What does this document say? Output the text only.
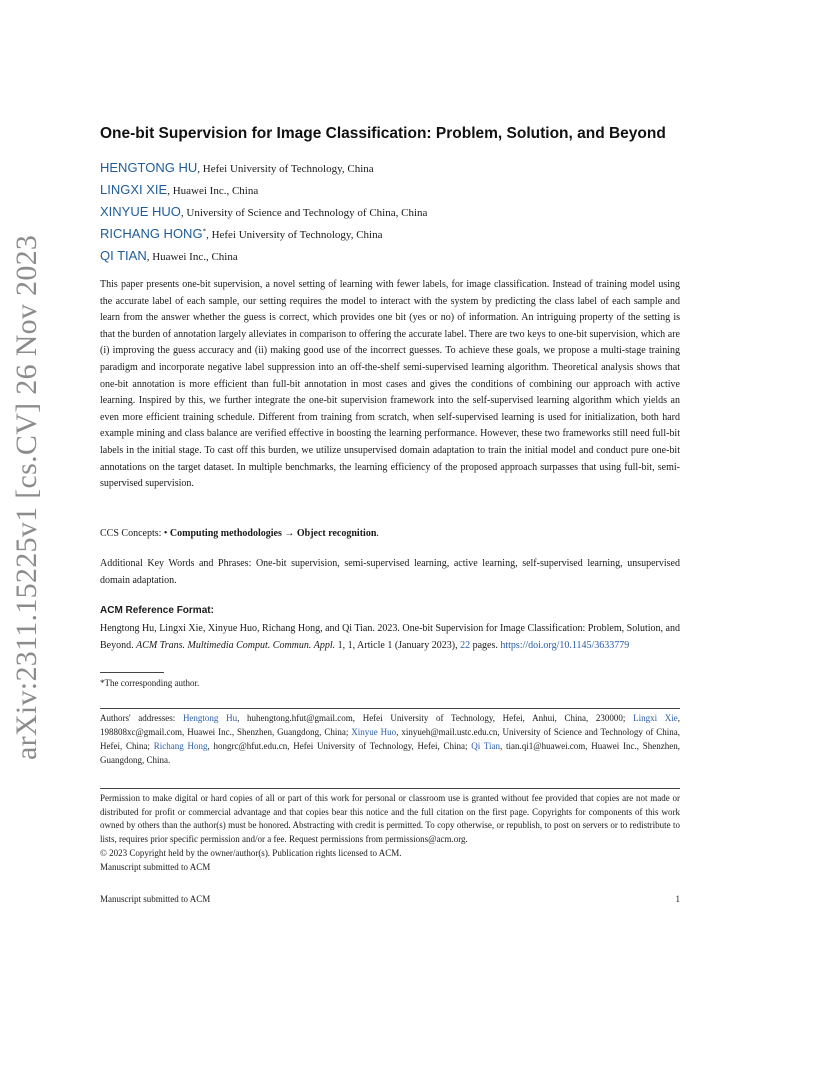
arXiv:2311.15225v1 [cs.CV] 26 Nov 2023
One-bit Supervision for Image Classification: Problem, Solution, and Beyond
HENGTONG HU, Hefei University of Technology, China
LINGXI XIE, Huawei Inc., China
XINYUE HUO, University of Science and Technology of China, China
RICHANG HONG*, Hefei University of Technology, China
QI TIAN, Huawei Inc., China
This paper presents one-bit supervision, a novel setting of learning with fewer labels, for image classification. Instead of training model using the accurate label of each sample, our setting requires the model to interact with the system by predicting the class label of each sample and learn from the answer whether the guess is correct, which provides one bit (yes or no) of information. An intriguing property of the setting is that the burden of annotation largely alleviates in comparison to offering the accurate label. There are two keys to one-bit supervision, which are (i) improving the guess accuracy and (ii) making good use of the incorrect guesses. To achieve these goals, we propose a multi-stage training paradigm and incorporate negative label suppression into an off-the-shelf semi-supervised learning algorithm. Theoretical analysis shows that one-bit annotation is more efficient than full-bit annotation in most cases and gives the conditions of combining our approach with active learning. Inspired by this, we further integrate the one-bit supervision framework into the self-supervised learning algorithm which yields an even more efficient training schedule. Different from training from scratch, when self-supervised learning is used for initialization, both hard example mining and class balance are verified effective in boosting the learning performance. However, these two frameworks still need full-bit labels in the initial stage. To cast off this burden, we utilize unsupervised domain adaptation to train the initial model and conduct pure one-bit annotations on the target dataset. In multiple benchmarks, the learning efficiency of the proposed approach surpasses that using full-bit, semi-supervised supervision.
CCS Concepts: • Computing methodologies → Object recognition.
Additional Key Words and Phrases: One-bit supervision, semi-supervised learning, active learning, self-supervised learning, unsupervised domain adaptation.
ACM Reference Format:
Hengtong Hu, Lingxi Xie, Xinyue Huo, Richang Hong, and Qi Tian. 2023. One-bit Supervision for Image Classification: Problem, Solution, and Beyond. ACM Trans. Multimedia Comput. Commun. Appl. 1, 1, Article 1 (January 2023), 22 pages. https://doi.org/10.1145/3633779
*The corresponding author.
Authors' addresses: Hengtong Hu, huhengtong.hfut@gmail.com, Hefei University of Technology, Hefei, Anhui, China, 230000; Lingxi Xie, 198808xc@gmail.com, Huawei Inc., Shenzhen, Guangdong, China; Xinyue Huo, xinyueh@mail.ustc.edu.cn, University of Science and Technology of China, Hefei, China; Richang Hong, hongrc@hfut.edu.cn, Hefei University of Technology, Hefei, China; Qi Tian, tian.qi1@huawei.com, Huawei Inc., Shenzhen, Guangdong, China.
Permission to make digital or hard copies of all or part of this work for personal or classroom use is granted without fee provided that copies are not made or distributed for profit or commercial advantage and that copies bear this notice and the full citation on the first page. Copyrights for components of this work owned by others than the author(s) must be honored. Abstracting with credit is permitted. To copy otherwise, or republish, to post on servers or to redistribute to lists, requires prior specific permission and/or a fee. Request permissions from permissions@acm.org.
© 2023 Copyright held by the owner/author(s). Publication rights licensed to ACM.
Manuscript submitted to ACM
Manuscript submitted to ACM	1
